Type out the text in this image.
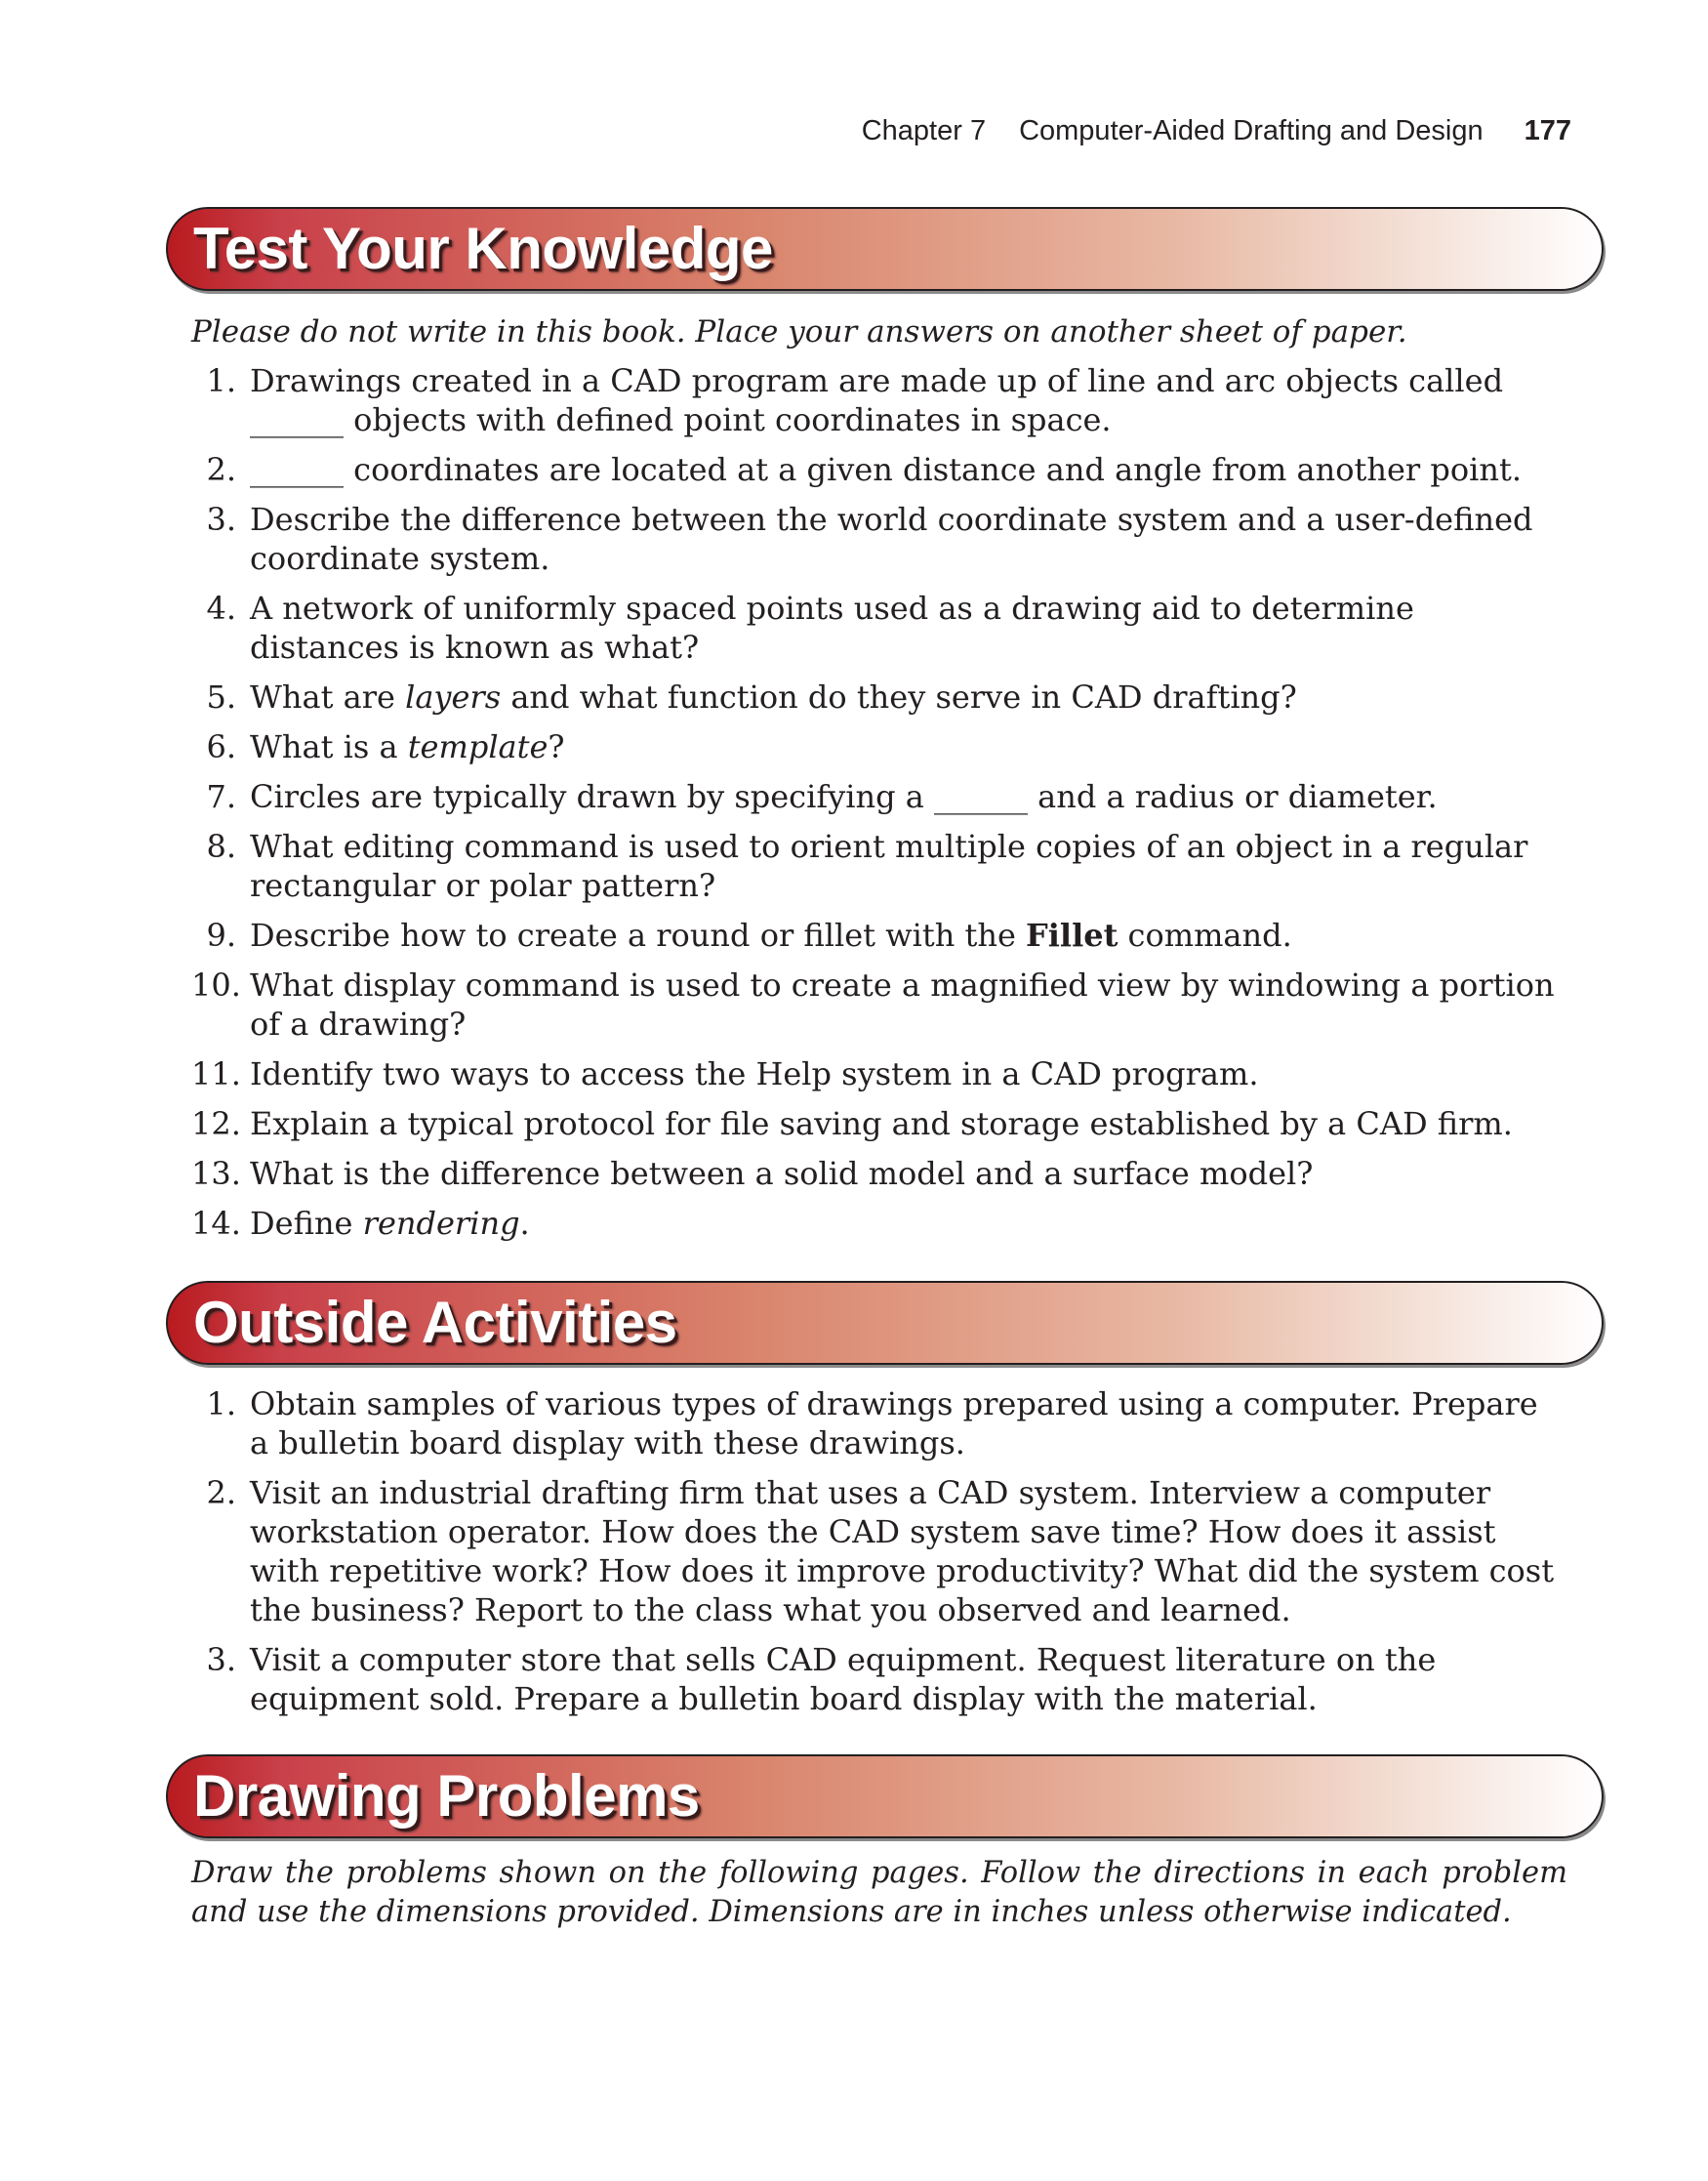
Chapter 7 Computer-Aided Drafting and Design 177
Test Your Knowledge
Please do not write in this book. Place your answers on another sheet of paper.
1. Drawings created in a CAD program are made up of line and arc objects called ______ objects with defined point coordinates in space.
2. ______ coordinates are located at a given distance and angle from another point.
3. Describe the difference between the world coordinate system and a user-defined coordinate system.
4. A network of uniformly spaced points used as a drawing aid to determine distances is known as what?
5. What are layers and what function do they serve in CAD drafting?
6. What is a template?
7. Circles are typically drawn by specifying a ______ and a radius or diameter.
8. What editing command is used to orient multiple copies of an object in a regular rectangular or polar pattern?
9. Describe how to create a round or fillet with the Fillet command.
10. What display command is used to create a magnified view by windowing a portion of a drawing?
11. Identify two ways to access the Help system in a CAD program.
12. Explain a typical protocol for file saving and storage established by a CAD firm.
13. What is the difference between a solid model and a surface model?
14. Define rendering.
Outside Activities
1. Obtain samples of various types of drawings prepared using a computer. Prepare a bulletin board display with these drawings.
2. Visit an industrial drafting firm that uses a CAD system. Interview a computer workstation operator. How does the CAD system save time? How does it assist with repetitive work? How does it improve productivity? What did the system cost the business? Report to the class what you observed and learned.
3. Visit a computer store that sells CAD equipment. Request literature on the equipment sold. Prepare a bulletin board display with the material.
Drawing Problems
Draw the problems shown on the following pages. Follow the directions in each problem and use the dimensions provided. Dimensions are in inches unless otherwise indicated.
